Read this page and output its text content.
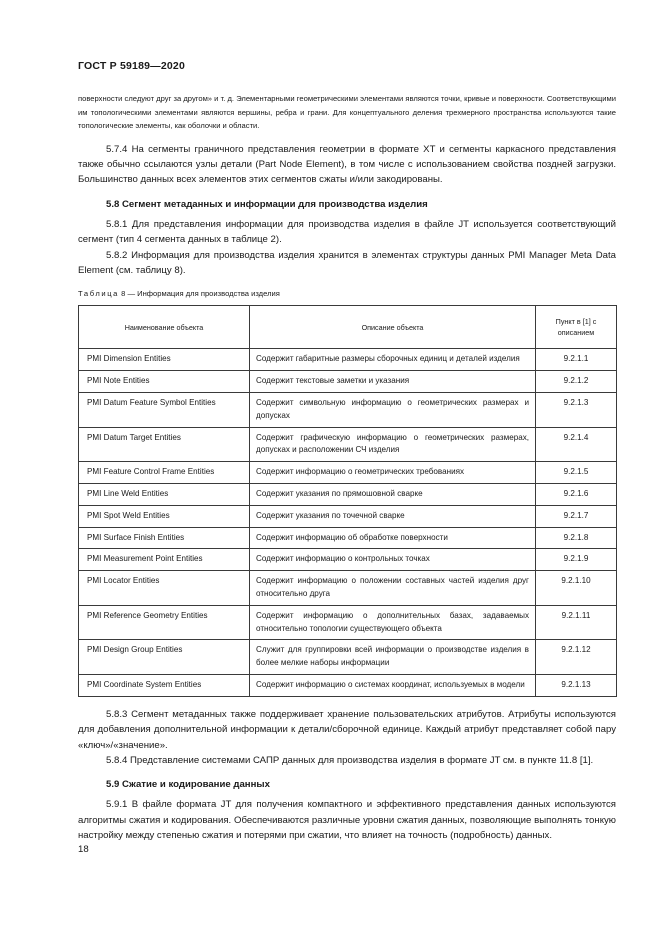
ГОСТ Р 59189—2020

поверхности следуют друг за другом» и т. д. Элементарными геометрическими элементами являются точки, кривые и поверхности. Соответствующими им топологическими элементами являются вершины, ребра и грани. Для концептуального деления трехмерного пространства используются такие топологические элементы, как оболочки и области.

5.7.4 На сегменты граничного представления геометрии в формате XT и сегменты каркасного представления также обычно ссылаются узлы детали (Part Node Element), в том числе с использованием свойства поздней загрузки. Большинство данных всех элементов этих сегментов сжаты и/или закодированы.

5.8 Сегмент метаданных и информации для производства изделия

5.8.1 Для представления информации для производства изделия в файле JT используется соответствующий сегмент (тип 4 сегмента данных в таблице 2).

5.8.2 Информация для производства изделия хранится в элементах структуры данных PMI Manager Meta Data Element (см. таблицу 8).

Таблица 8 — Информация для производства изделия
Наименование объекта	Описание объекта	Пункт в [1] с описанием
PMI Dimension Entities	Содержит габаритные размеры сборочных единиц и деталей изделия	9.2.1.1
PMI Note Entities	Содержит текстовые заметки и указания	9.2.1.2
PMI Datum Feature Symbol Entities	Содержит символьную информацию о геометрических размерах и допусках	9.2.1.3
PMI Datum Target Entities	Содержит графическую информацию о геометрических размерах, допусках и расположении СЧ изделия	9.2.1.4
PMI Feature Control Frame Entities	Содержит информацию о геометрических требованиях	9.2.1.5
PMI Line Weld Entities	Содержит указания по прямошовной сварке	9.2.1.6
PMI Spot Weld Entities	Содержит указания по точечной сварке	9.2.1.7
PMI Surface Finish Entities	Содержит информацию об обработке поверхности	9.2.1.8
PMI Measurement Point Entities	Содержит информацию о контрольных точках	9.2.1.9
PMI Locator Entities	Содержит информацию о положении составных частей изделия друг относительно друга	9.2.1.10
PMI Reference Geometry Entities	Содержит информацию о дополнительных базах, задаваемых относительно топологии существующего объекта	9.2.1.11
PMI Design Group Entities	Служит для группировки всей информации о производстве изделия в более мелкие наборы информации	9.2.1.12
PMI Coordinate System Entities	Содержит информацию о системах координат, используемых в модели	9.2.1.13

5.8.3 Сегмент метаданных также поддерживает хранение пользовательских атрибутов. Атрибуты используются для добавления дополнительной информации к детали/сборочной единице. Каждый атрибут представляет собой пару «ключ»/«значение».

5.8.4 Представление системами САПР данных для производства изделия в формате JT см. в пункте 11.8 [1].

5.9 Сжатие и кодирование данных

5.9.1 В файле формата JT для получения компактного и эффективного представления данных используются алгоритмы сжатия и кодирования. Обеспечиваются различные уровни сжатия данных, позволяющие выполнять тонкую настройку между степенью сжатия и потерями при сжатии, что влияет на точность (подробность) данных.

18
